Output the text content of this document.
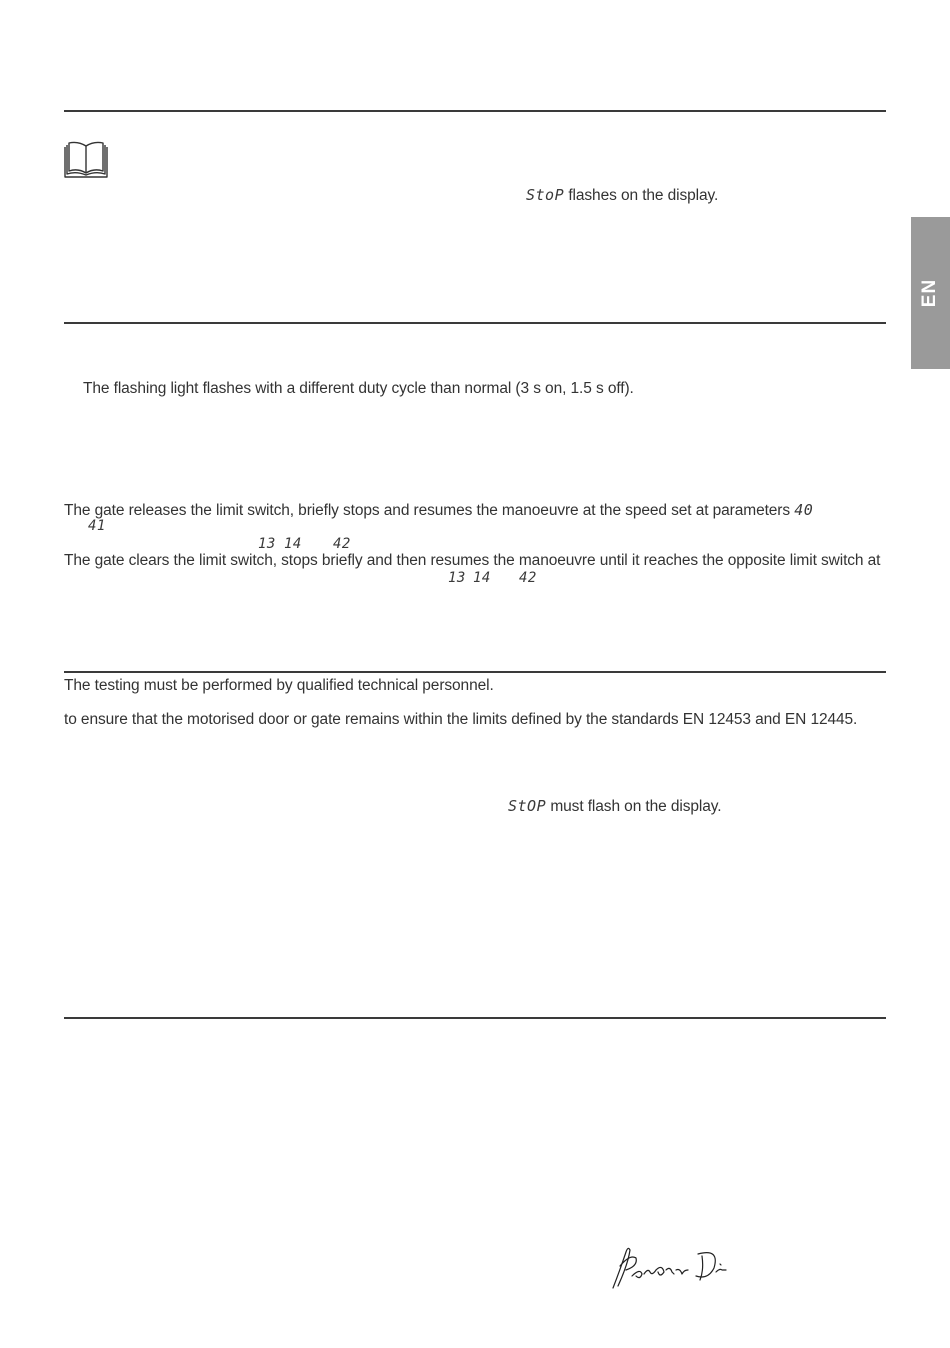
EN
StoP flashes on the display.
The flashing light flashes with a different duty cycle than normal (3 s on, 1.5 s off).
The gate releases the limit switch, briefly stops and resumes the manoeuvre at the speed set at parameters 40
41
13 14 42
The gate clears the limit switch, stops briefly and then resumes the manoeuvre until it reaches the opposite limit switch at
13 14 42
The testing must be performed by qualified technical personnel.
to ensure that the motorised door or gate remains within the limits defined by the standards EN 12453 and EN 12445.
StOP must flash on the display.
